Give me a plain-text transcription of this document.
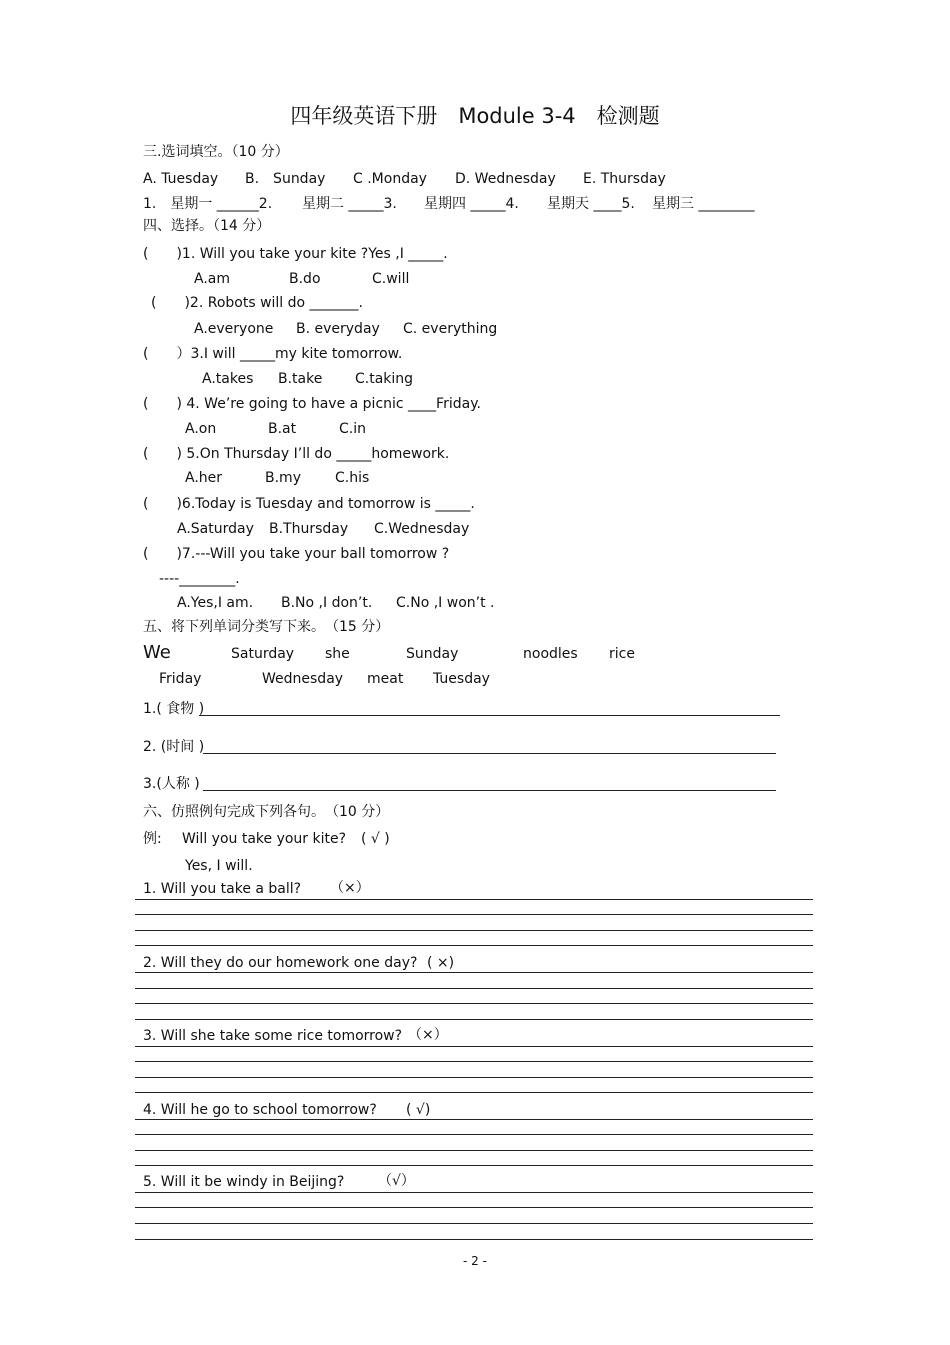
四年级英语下册　Module 3-4　检测题
三.选词填空。（10 分）
A. Tuesday B.　Sunday C .Monday D. Wednesday E. Thursday
1.　星期一 ______2. 星期二 _____3. 星期四 _____4. 星期天 ____5. 星期三 ________
四、选择。（14 分）
(　　)1. Will you take your kite ?Yes ,I _____.
A.am	B.do	C.will
(　　)2. Robots will do _______.
A.everyone B. everyday C. everything
(　　）3.I will _____my kite tomorrow.
A.takes B.take C.taking
(　　) 4. We’re going to have a picnic ____Friday.
A.on	B.at	C.in
(　　) 5.On Thursday I’ll do _____homework.
A.her	B.my C.his
(　　)6.Today is Tuesday and tomorrow is _____.
A.Saturday B.Thursday C.Wednesday
(　　)7.---Will you take your ball tomorrow ?
----________.
A.Yes,I am. B.No ,I don’t. C.No ,I won’t .
五、将下列单词分类写下来。　（15 分）
We	Saturday she	Sunday	noodles rice
Friday	Wednesday meat Tuesday
1.( 食物 )
2. (时间 )
3.(人称 )
六、仿照例句完成下列各句。　（10 分）
例: Will you take your kite? ( √ )
Yes, I will.
1. Will you take a ball? （×）
2. Will they do our homework one day? ( ×)
3. Will she take some rice tomorrow? （×）
4. Will he go to school tomorrow? ( √)
5. Will it be windy in Beijing? （√）
- 2 -
